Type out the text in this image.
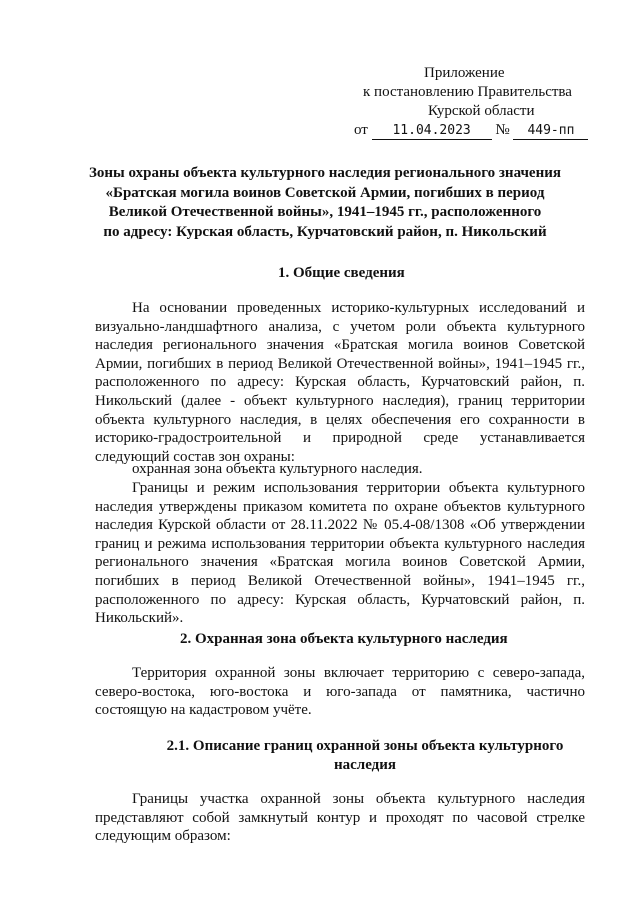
Приложение
к постановлению Правительства
Курской области
от 11.04.2023 № 449-пп
Зоны охраны объекта культурного наследия регионального значения
«Братская могила воинов Советской Армии, погибших в период
Великой Отечественной войны», 1941–1945 гг., расположенного
по адресу: Курская область, Курчатовский район, п. Никольский
1. Общие сведения
На основании проведенных историко-культурных исследований и визуально-ландшафтного анализа, с учетом роли объекта культурного наследия регионального значения «Братская могила воинов Советской Армии, погибших в период Великой Отечественной войны», 1941–1945 гг., расположенного по адресу: Курская область, Курчатовский район, п. Никольский (далее - объект культурного наследия), границ территории объекта культурного наследия, в целях обеспечения его сохранности в историко-градостроительной и природной среде устанавливается следующий состав зон охраны:
охранная зона объекта культурного наследия.
Границы и режим использования территории объекта культурного наследия утверждены приказом комитета по охране объектов культурного наследия Курской области от 28.11.2022 № 05.4-08/1308 «Об утверждении границ и режима использования территории объекта культурного наследия регионального значения «Братская могила воинов Советской Армии, погибших в период Великой Отечественной войны», 1941–1945 гг., расположенного по адресу: Курская область, Курчатовский район, п. Никольский».
2. Охранная зона объекта культурного наследия
Территория охранной зоны включает территорию с северо-запада, северо-востока, юго-востока и юго-запада от памятника, частично состоящую на кадастровом учёте.
2.1. Описание границ охранной зоны объекта культурного
наследия
Границы участка охранной зоны объекта культурного наследия представляют собой замкнутый контур и проходят по часовой стрелке следующим образом:
